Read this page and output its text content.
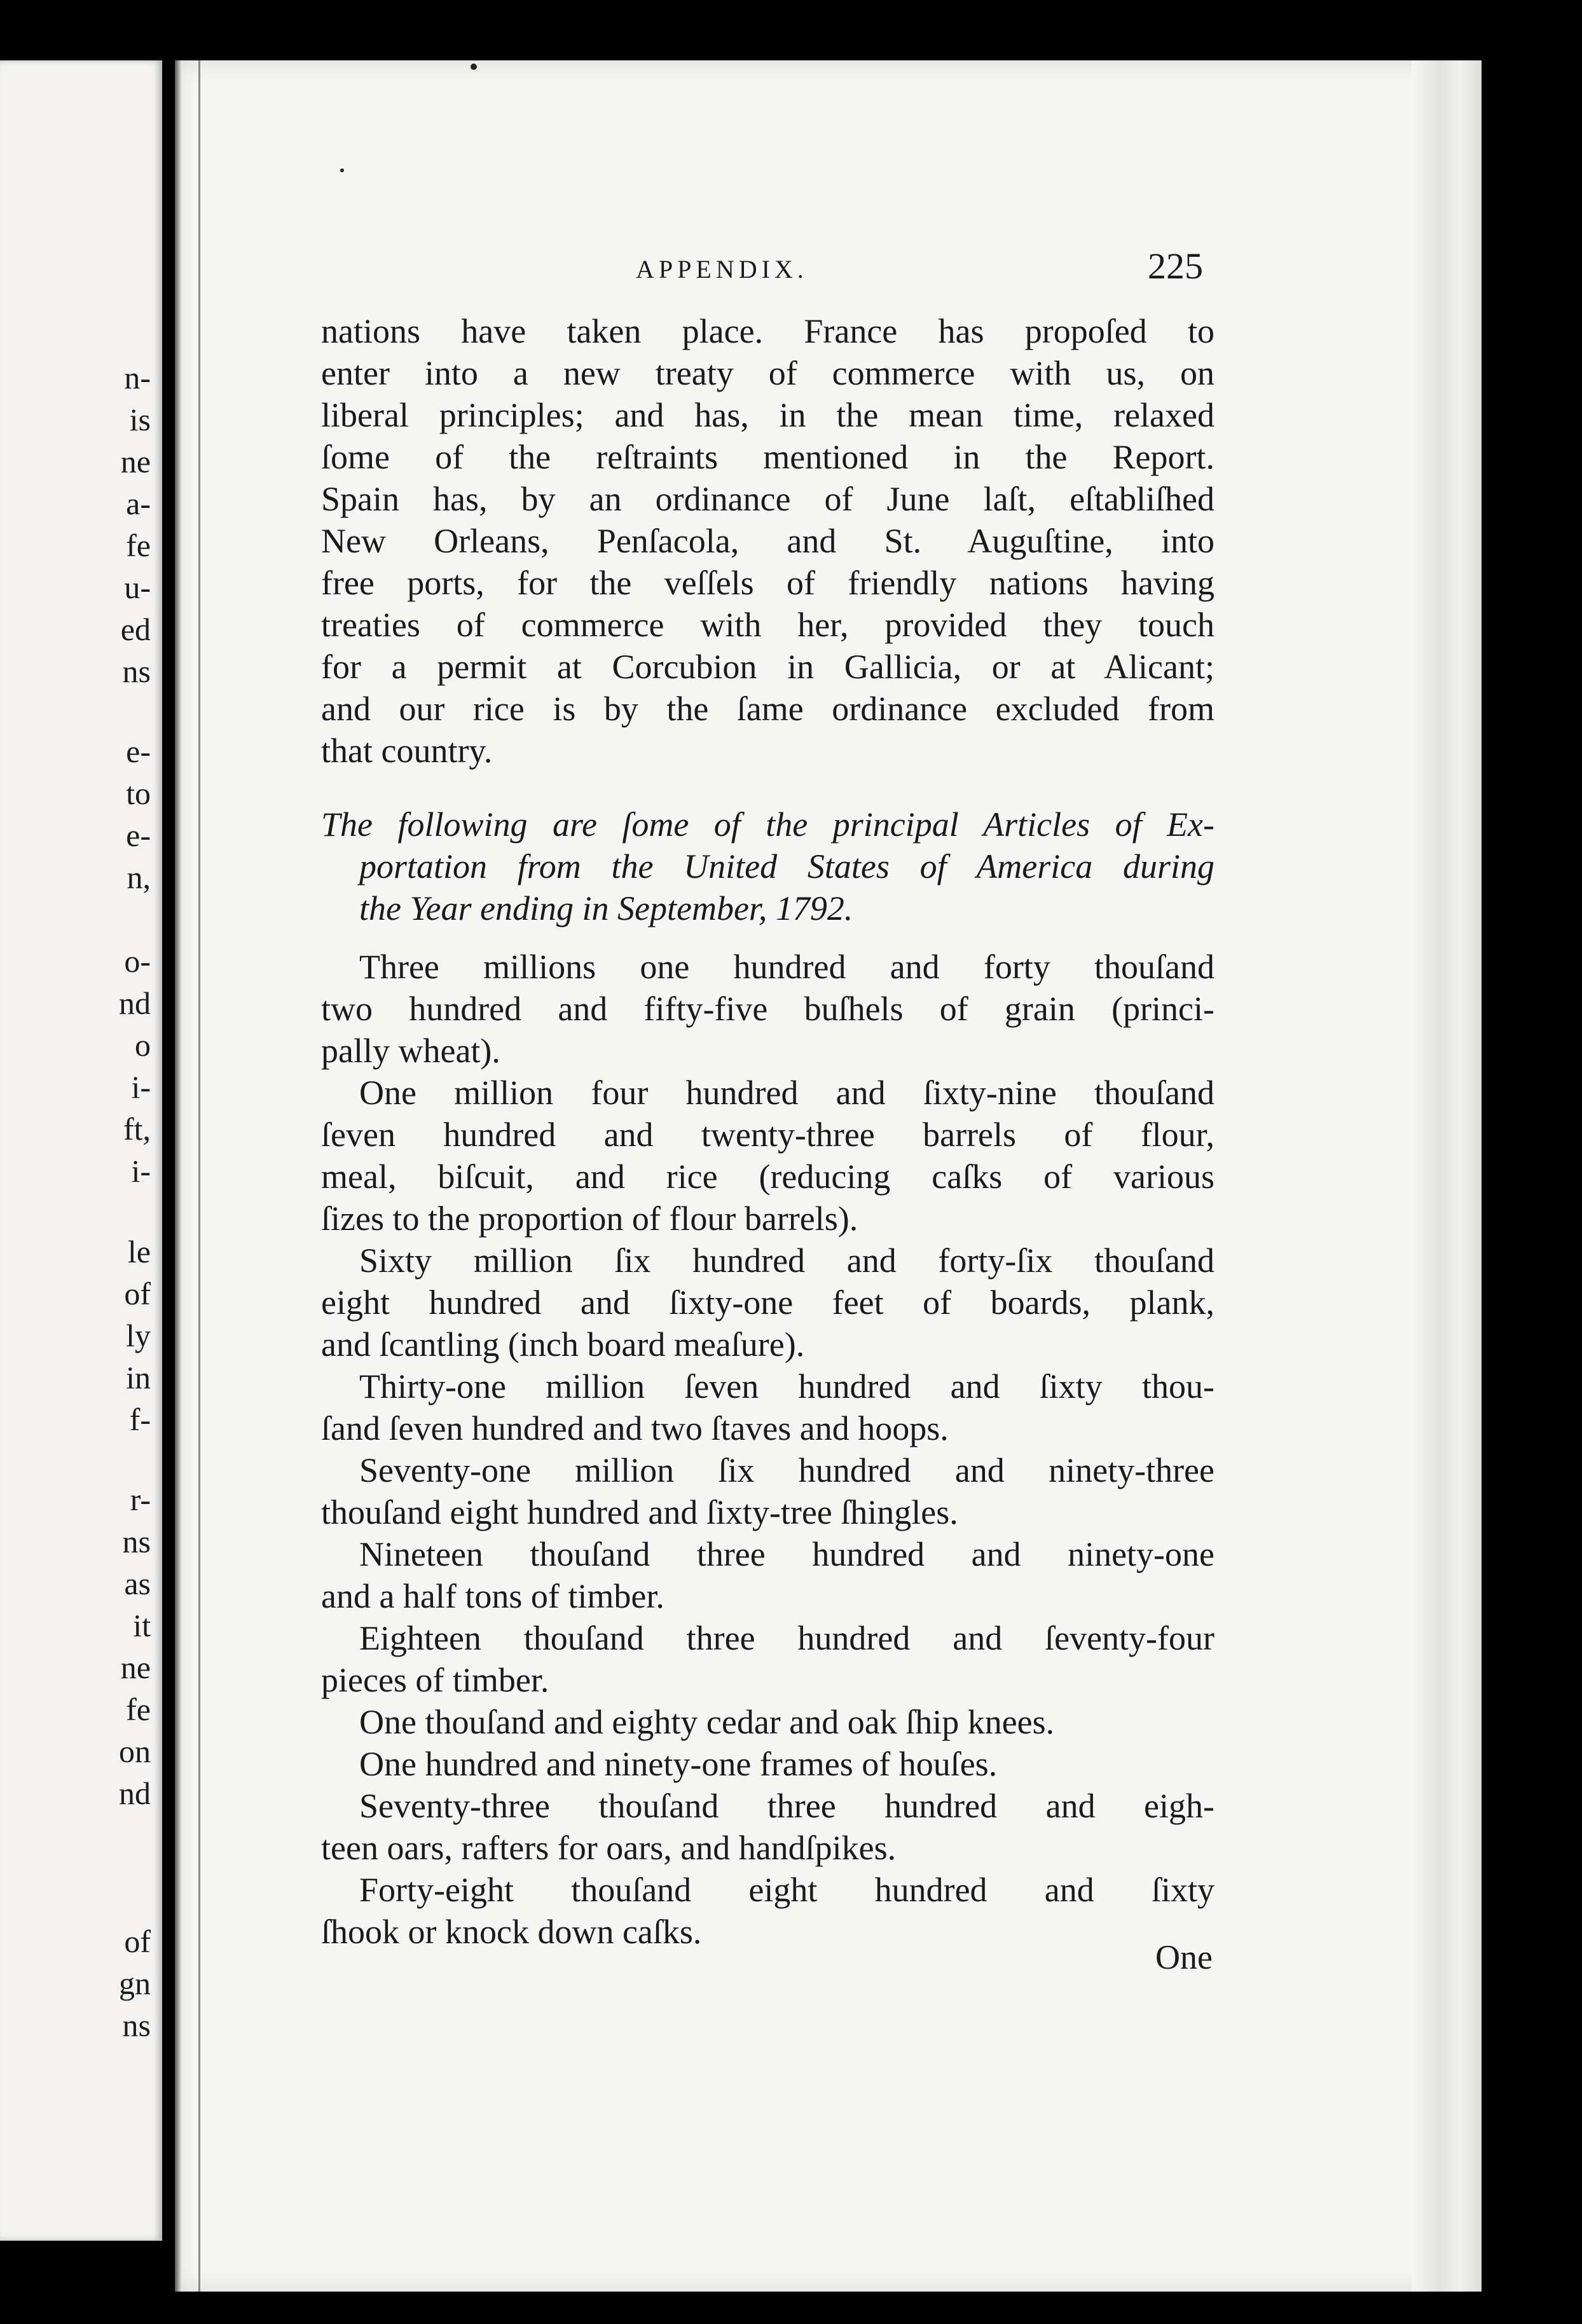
n-
is
ne
a-
fe
u-
ed
ns
e-
to
e-
n,
o-
nd
o
i-
ft,
i-
le
of
ly
in
f-
r-
ns
as
it
ne
fe
on
nd
of
gn
ns
APPENDIX.	225
nations have taken place. France has propoſed to
enter into a new treaty of commerce with us, on
liberal principles; and has, in the mean time, relaxed
ſome of the reſtraints mentioned in the Report.
Spain has, by an ordinance of June laſt, eſtabliſhed
New Orleans, Penſacola, and St. Auguſtine, into
free ports, for the veſſels of friendly nations having
treaties of commerce with her, provided they touch
for a permit at Corcubion in Gallicia, or at Alicant;
and our rice is by the ſame ordinance excluded from
that country.
The following are ſome of the principal Articles of Ex-
portation from the United States of America during
the Year ending in September, 1792.
Three millions one hundred and forty thouſand
two hundred and fifty-five buſhels of grain (princi-
pally wheat).
One million four hundred and ſixty-nine thouſand
ſeven hundred and twenty-three barrels of flour,
meal, biſcuit, and rice (reducing caſks of various
ſizes to the proportion of flour barrels).
Sixty million ſix hundred and forty-ſix thouſand
eight hundred and ſixty-one feet of boards, plank,
and ſcantling (inch board meaſure).
Thirty-one million ſeven hundred and ſixty thou-
ſand ſeven hundred and two ſtaves and hoops.
Seventy-one million ſix hundred and ninety-three
thouſand eight hundred and ſixty-tree ſhingles.
Nineteen thouſand three hundred and ninety-one
and a half tons of timber.
Eighteen thouſand three hundred and ſeventy-four
pieces of timber.
One thouſand and eighty cedar and oak ſhip knees.
One hundred and ninety-one frames of houſes.
Seventy-three thouſand three hundred and eigh-
teen oars, rafters for oars, and handſpikes.
Forty-eight thouſand eight hundred and ſixty
ſhook or knock down caſks.
One
